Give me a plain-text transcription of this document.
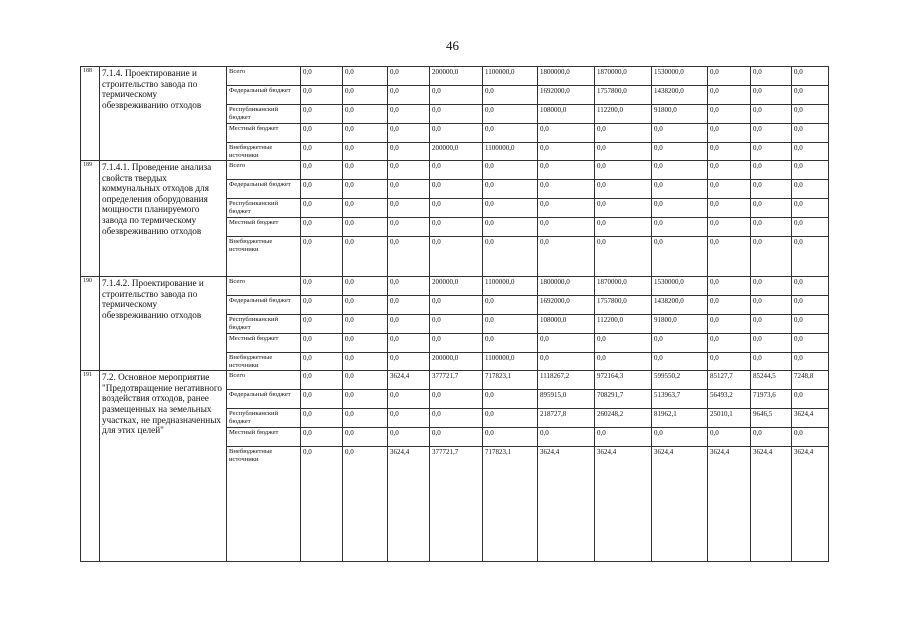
46
188	7.1.4. Проектирование и строительство завода по термическому обезвреживанию отходов	Всего	0,0	0,0	0,0	200000,0	1100000,0	1800000,0	1870000,0	1530000,0	0,0	0,0	0,0
		Федеральный бюджет	0,0	0,0	0,0	0,0	0,0	1692000,0	1757800,0	1438200,0	0,0	0,0	0,0
		Республиканский бюджет	0,0	0,0	0,0	0,0	0,0	108000,0	112200,0	91800,0	0,0	0,0	0,0
		Местный бюджет	0,0	0,0	0,0	0,0	0,0	0,0	0,0	0,0	0,0	0,0	0,0
		Внебюджетные источники	0,0	0,0	0,0	200000,0	1100000,0	0,0	0,0	0,0	0,0	0,0	0,0
189	7.1.4.1. Проведение анализа свойств твердых коммунальных отходов для определения оборудования мощности планируемого завода по термическому обезвреживанию отходов	Всего	0,0	0,0	0,0	0,0	0,0	0,0	0,0	0,0	0,0	0,0	0,0
		Федеральный бюджет	0,0	0,0	0,0	0,0	0,0	0,0	0,0	0,0	0,0	0,0	0,0
		Республиканский бюджет	0,0	0,0	0,0	0,0	0,0	0,0	0,0	0,0	0,0	0,0	0,0
		Местный бюджет	0,0	0,0	0,0	0,0	0,0	0,0	0,0	0,0	0,0	0,0	0,0
		Внебюджетные источники	0,0	0,0	0,0	0,0	0,0	0,0	0,0	0,0	0,0	0,0	0,0
190	7.1.4.2. Проектирование и строительство завода по термическому обезвреживанию отходов	Всего	0,0	0,0	0,0	200000,0	1100000,0	1800000,0	1870000,0	1530000,0	0,0	0,0	0,0
		Федеральный бюджет	0,0	0,0	0,0	0,0	0,0	1692000,0	1757800,0	1438200,0	0,0	0,0	0,0
		Республиканский бюджет	0,0	0,0	0,0	0,0	0,0	108000,0	112200,0	91800,0	0,0	0,0	0,0
		Местный бюджет	0,0	0,0	0,0	0,0	0,0	0,0	0,0	0,0	0,0	0,0	0,0
		Внебюджетные источники	0,0	0,0	0,0	200000,0	1100000,0	0,0	0,0	0,0	0,0	0,0	0,0
191	7.2. Основное мероприятие "Предотвращение негативного воздействия отходов, ранее размещенных на земельных участках, не предназначенных для этих целей"	Всего	0,0	0,0	3624,4	377721,7	717823,1	1118267,2	972164,3	599550,2	85127,7	85244,5	7248,8
		Федеральный бюджет	0,0	0,0	0,0	0,0	0,0	895915,0	708291,7	513963,7	56493,2	71973,6	0,0
		Республиканский бюджет	0,0	0,0	0,0	0,0	0,0	218727,8	260248,2	81962,1	25010,1	9646,5	3624,4
		Местный бюджет	0,0	0,0	0,0	0,0	0,0	0,0	0,0	0,0	0,0	0,0	0,0
		Внебюджетные источники	0,0	0,0	3624,4	377721,7	717823,1	3624,4	3624,4	3624,4	3624,4	3624,4	3624,4
